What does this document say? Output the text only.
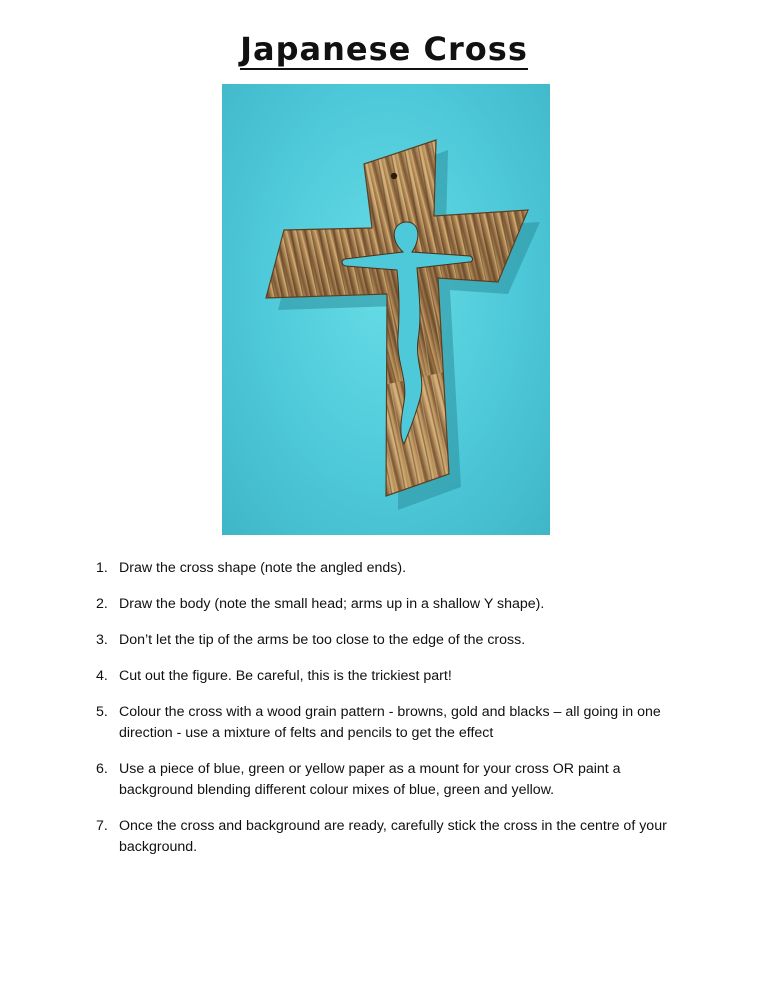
Japanese Cross
1. Draw the cross shape (note the angled ends).
2. Draw the body (note the small head; arms up in a shallow Y shape).
3. Don’t let the tip of the arms be too close to the edge of the cross.
4. Cut out the figure. Be careful, this is the trickiest part!
5. Colour the cross with a wood grain pattern - browns, gold and blacks – all going in one direction - use a mixture of felts and pencils to get the effect
6. Use a piece of blue, green or yellow paper as a mount for your cross OR paint a background blending different colour mixes of blue, green and yellow.
7. Once the cross and background are ready, carefully stick the cross in the centre of your background.
